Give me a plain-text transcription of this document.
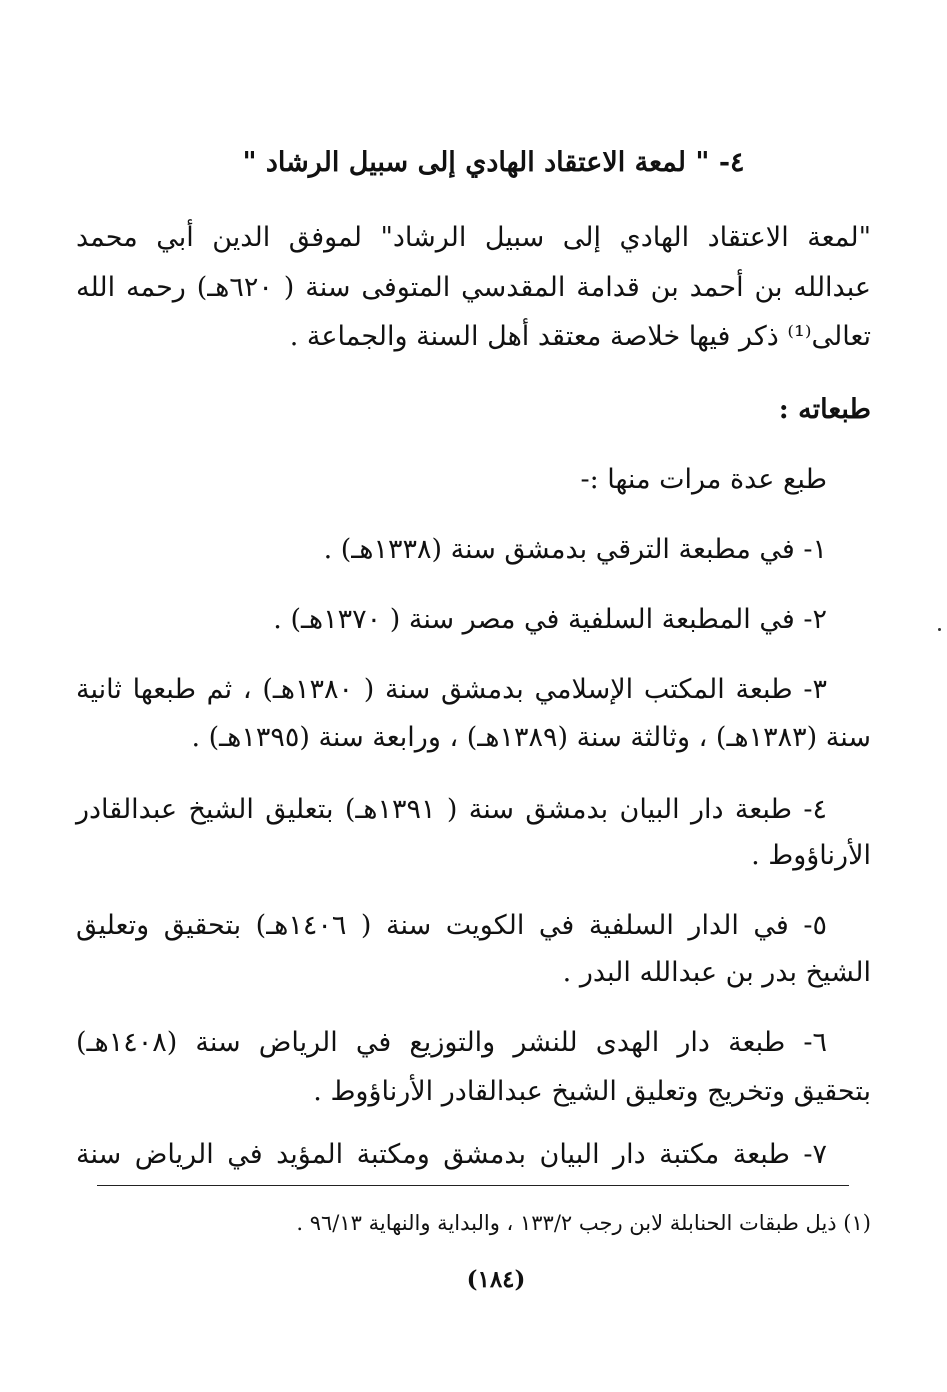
٤- " لمعة الاعتقاد الهادي إلى سبيل الرشاد "
"لمعة الاعتقاد الهادي إلى سبيل الرشاد" لموفق الدين أبي محمد
عبدالله بن أحمد بن قدامة المقدسي المتوفى سنة ( ٦٢٠هـ) رحمه الله
تعالى⁽¹⁾ ذكر فيها خلاصة معتقد أهل السنة والجماعة .
طبعاته :
طبع عدة مرات منها :-
١- في مطبعة الترقي بدمشق سنة (١٣٣٨هـ) .
٢- في المطبعة السلفية في مصر سنة ( ١٣٧٠هـ) .
٣- طبعة المكتب الإسلامي بدمشق سنة ( ١٣٨٠هـ) ، ثم طبعها ثانية
سنة (١٣٨٣هـ) ، وثالثة سنة (١٣٨٩هـ) ، ورابعة سنة (١٣٩٥هـ) .
٤- طبعة دار البيان بدمشق سنة ( ١٣٩١هـ) بتعليق الشيخ عبدالقادر
الأرناؤوط .
٥- في الدار السلفية في الكويت سنة ( ١٤٠٦هـ) بتحقيق وتعليق
الشيخ بدر بن عبدالله البدر .
٦- طبعة دار الهدى للنشر والتوزيع في الرياض سنة (١٤٠٨هـ)
بتحقيق وتخريج وتعليق الشيخ عبدالقادر الأرناؤوط .
٧- طبعة مكتبة دار البيان بدمشق ومكتبة المؤيد في الرياض سنة
(١) ذيل طبقات الحنابلة لابن رجب ١٣٣/٢ ، والبداية والنهاية ٩٦/١٣ .
(١٨٤)
